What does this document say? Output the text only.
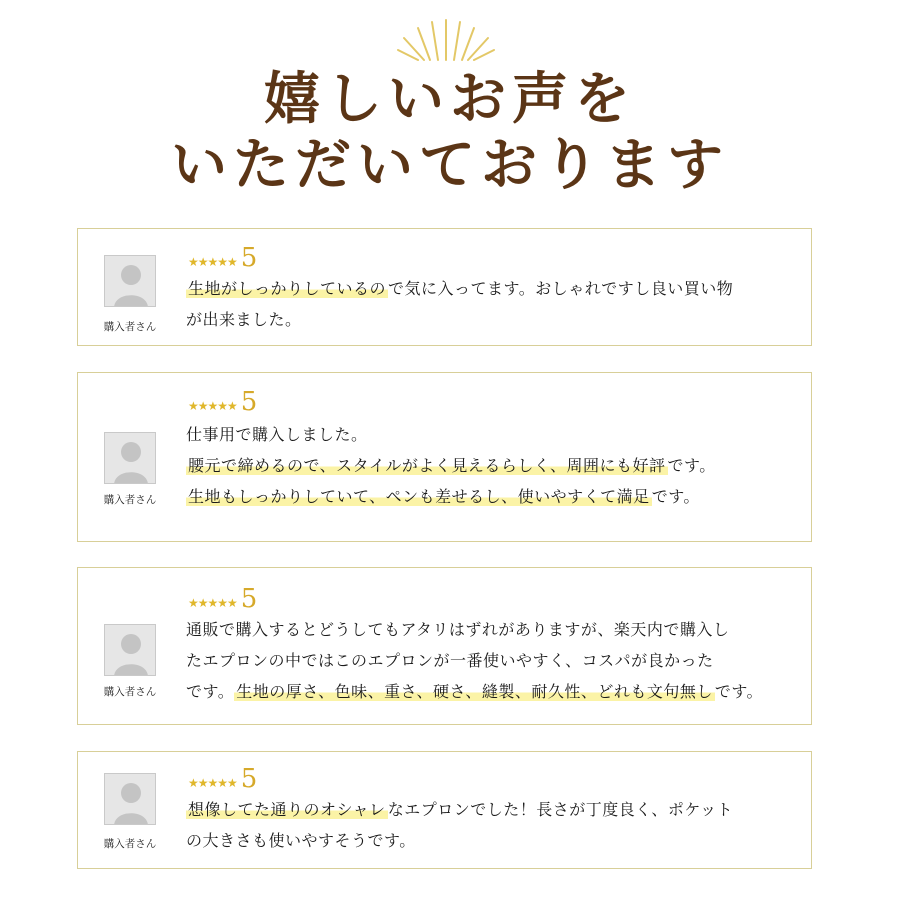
嬉しいお声を
いただいております
購入者さん
★★★★★ 5

生地がしっかりしているの で気に入ってます。おしゃれですし良い買い物

が出来ました。

購入者さん
★★★★★ 5

仕事用で購入しました。

腰元で締めるので、スタイルがよく見えるらしく、周囲にも好評 です。

生地もしっかりしていて、ペンも差せるし、使いやすくて満足 です。

購入者さん
★★★★★ 5

通販で購入するとどうしてもアタリはずれがありますが、楽天内で購入し

たエプロンの中ではこのエプロンが一番使いやすく、コスパが良かった

です。 生地の厚さ、色味、重さ、硬さ、縫製、耐久性、どれも文句無し です。

購入者さん
★★★★★ 5

想像してた通りのオシャレ なエプロンでした！長さが丁度良く、ポケット

の大きさも使いやすそうです。
